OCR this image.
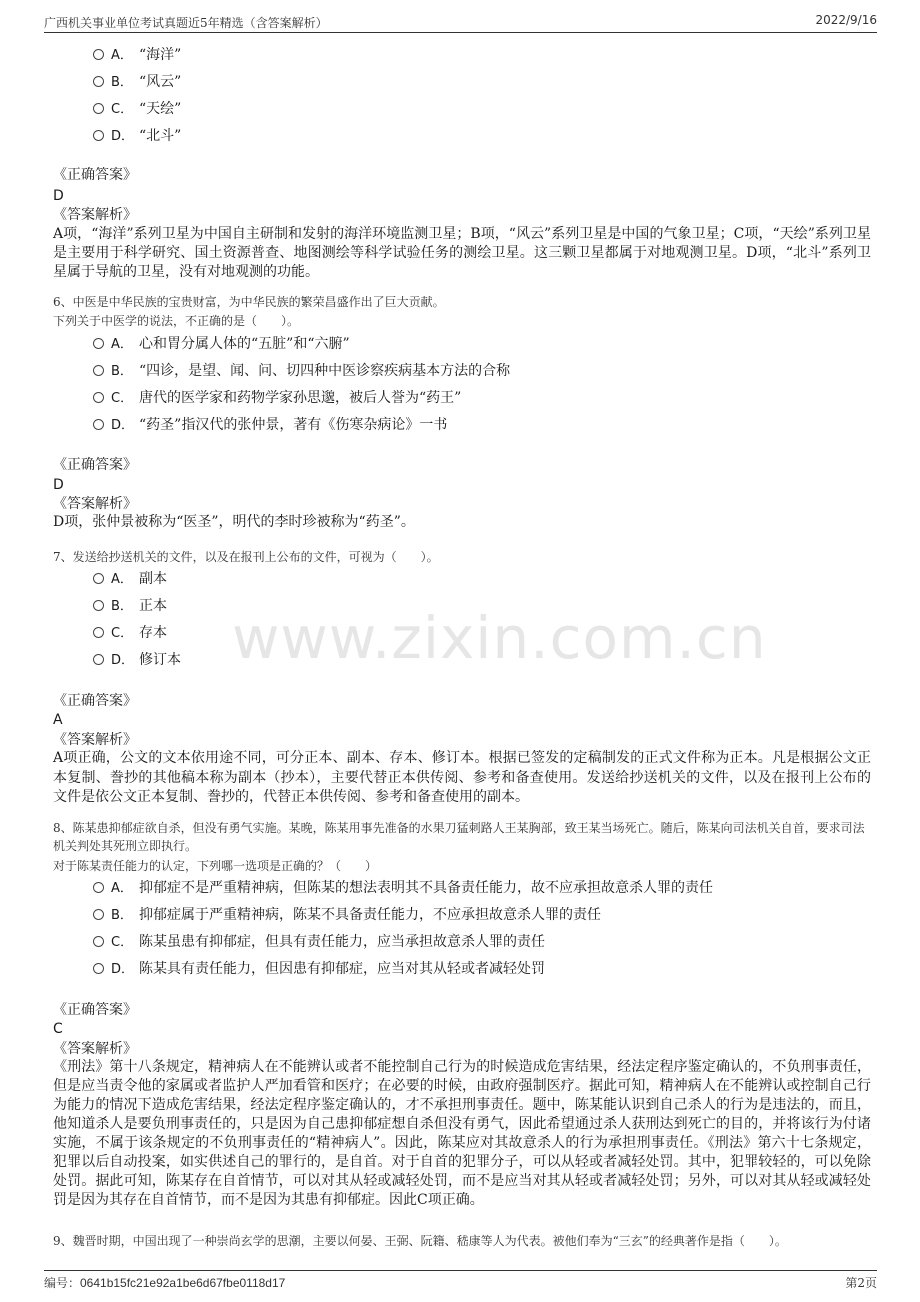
广西机关事业单位考试真题近5年精选（含答案解析）	2022/9/16
www.zixin.com.cn
A． “海洋”
B． “风云”
C． “天绘”
D． “北斗”
《正确答案》
D
《答案解析》
A项，“海洋”系列卫星为中国自主研制和发射的海洋环境监测卫星；B项，“风云”系列卫星是中国的气象卫星；C项，“天绘”系列卫星是主要用于科学研究、国土资源普查、地图测绘等科学试验任务的测绘卫星。这三颗卫星都属于对地观测卫星。D项，“北斗”系列卫星属于导航的卫星，没有对地观测的功能。
6、中医是中华民族的宝贵财富，为中华民族的繁荣昌盛作出了巨大贡献。
下列关于中医学的说法，不正确的是（　　）。
A． 心和胃分属人体的“五脏”和“六腑”
B． “四诊，是望、闻、问、切四种中医诊察疾病基本方法的合称
C． 唐代的医学家和药物学家孙思邈，被后人誉为“药王”
D． “药圣”指汉代的张仲景，著有《伤寒杂病论》一书
《正确答案》
D
《答案解析》
D项，张仲景被称为“医圣”，明代的李时珍被称为“药圣”。
7、发送给抄送机关的文件，以及在报刊上公布的文件，可视为（　　）。
A． 副本
B． 正本
C． 存本
D． 修订本
《正确答案》
A
《答案解析》
A项正确，公文的文本依用途不同，可分正本、副本、存本、修订本。根据已签发的定稿制发的正式文件称为正本。凡是根据公文正本复制、誊抄的其他稿本称为副本（抄本），主要代替正本供传阅、参考和备查使用。发送给抄送机关的文件，以及在报刊上公布的文件是依公文正本复制、誊抄的，代替正本供传阅、参考和备查使用的副本。
8、陈某患抑郁症欲自杀，但没有勇气实施。某晚，陈某用事先准备的水果刀猛刺路人王某胸部，致王某当场死亡。随后，陈某向司法机关自首，要求司法机关判处其死刑立即执行。
对于陈某责任能力的认定，下列哪一选项是正确的？（　　）
A． 抑郁症不是严重精神病，但陈某的想法表明其不具备责任能力，故不应承担故意杀人罪的责任
B． 抑郁症属于严重精神病，陈某不具备责任能力，不应承担故意杀人罪的责任
C． 陈某虽患有抑郁症，但具有责任能力，应当承担故意杀人罪的责任
D． 陈某具有责任能力，但因患有抑郁症，应当对其从轻或者减轻处罚
《正确答案》
C
《答案解析》
《刑法》第十八条规定，精神病人在不能辨认或者不能控制自己行为的时候造成危害结果，经法定程序鉴定确认的，不负刑事责任，但是应当责令他的家属或者监护人严加看管和医疗；在必要的时候，由政府强制医疗。据此可知，精神病人在不能辨认或控制自己行为能力的情况下造成危害结果，经法定程序鉴定确认的，才不承担刑事责任。题中，陈某能认识到自己杀人的行为是违法的，而且，他知道杀人是要负刑事责任的，只是因为自己患抑郁症想自杀但没有勇气，因此希望通过杀人获刑达到死亡的目的，并将该行为付诸实施，不属于该条规定的不负刑事责任的“精神病人”。因此，陈某应对其故意杀人的行为承担刑事责任。《刑法》第六十七条规定，犯罪以后自动投案，如实供述自己的罪行的，是自首。对于自首的犯罪分子，可以从轻或者减轻处罚。其中，犯罪较轻的，可以免除处罚。据此可知，陈某存在自首情节，可以对其从轻或减轻处罚，而不是应当对其从轻或者减轻处罚；另外，可以对其从轻或减轻处罚是因为其存在自首情节，而不是因为其患有抑郁症。因此C项正确。
9、魏晋时期，中国出现了一种崇尚玄学的思潮，主要以何晏、王弼、阮籍、嵇康等人为代表。被他们奉为“三玄”的经典著作是指（　　）。
编号：0641b15fc21e92a1be6d67fbe0118d17	第2页
